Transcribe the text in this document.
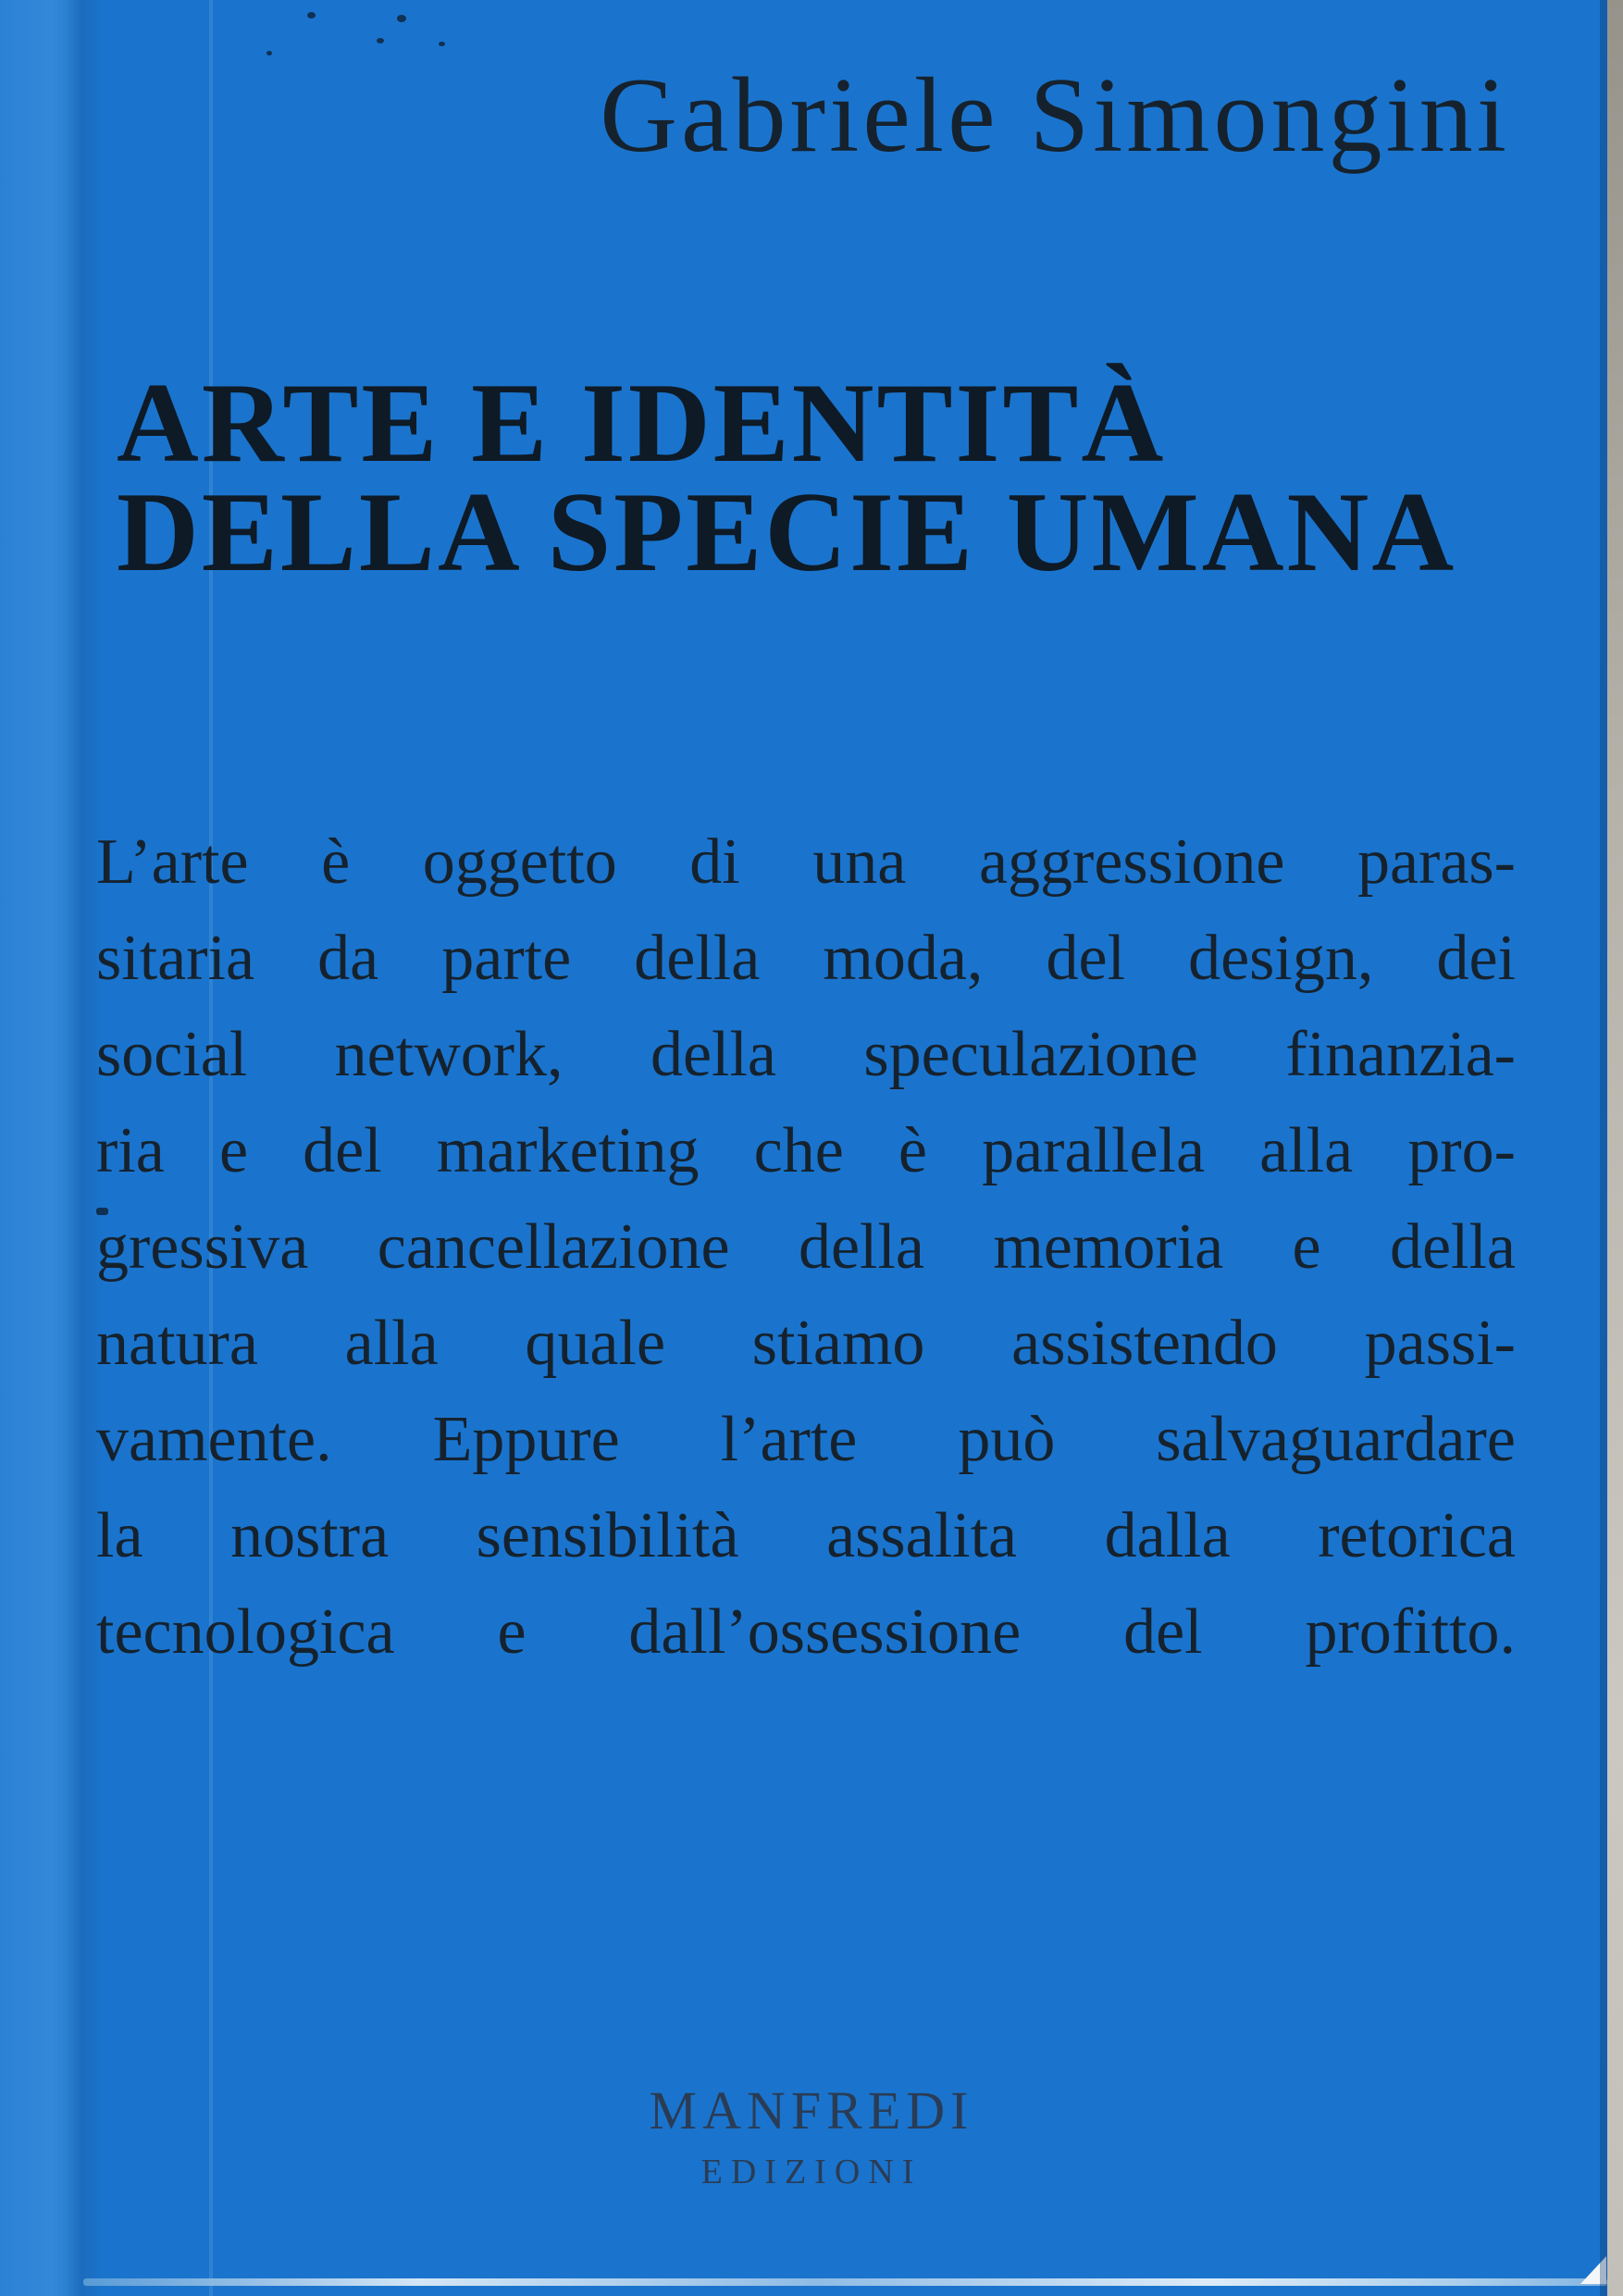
Gabriele Simongini
ARTE E IDENTITÀ
DELLA SPECIE UMANA
L’arte è oggetto di una aggressione paras-
sitaria da parte della moda, del design, dei
social network, della speculazione finanzia-
ria e del marketing che è parallela alla pro-
gressiva cancellazione della memoria e della
natura alla quale stiamo assistendo passi-
vamente. Eppure l’arte può salvaguardare
la nostra sensibilità assalita dalla retorica
tecnologica e dall’ossessione del profitto.
MANFREDI
EDIZIONI
